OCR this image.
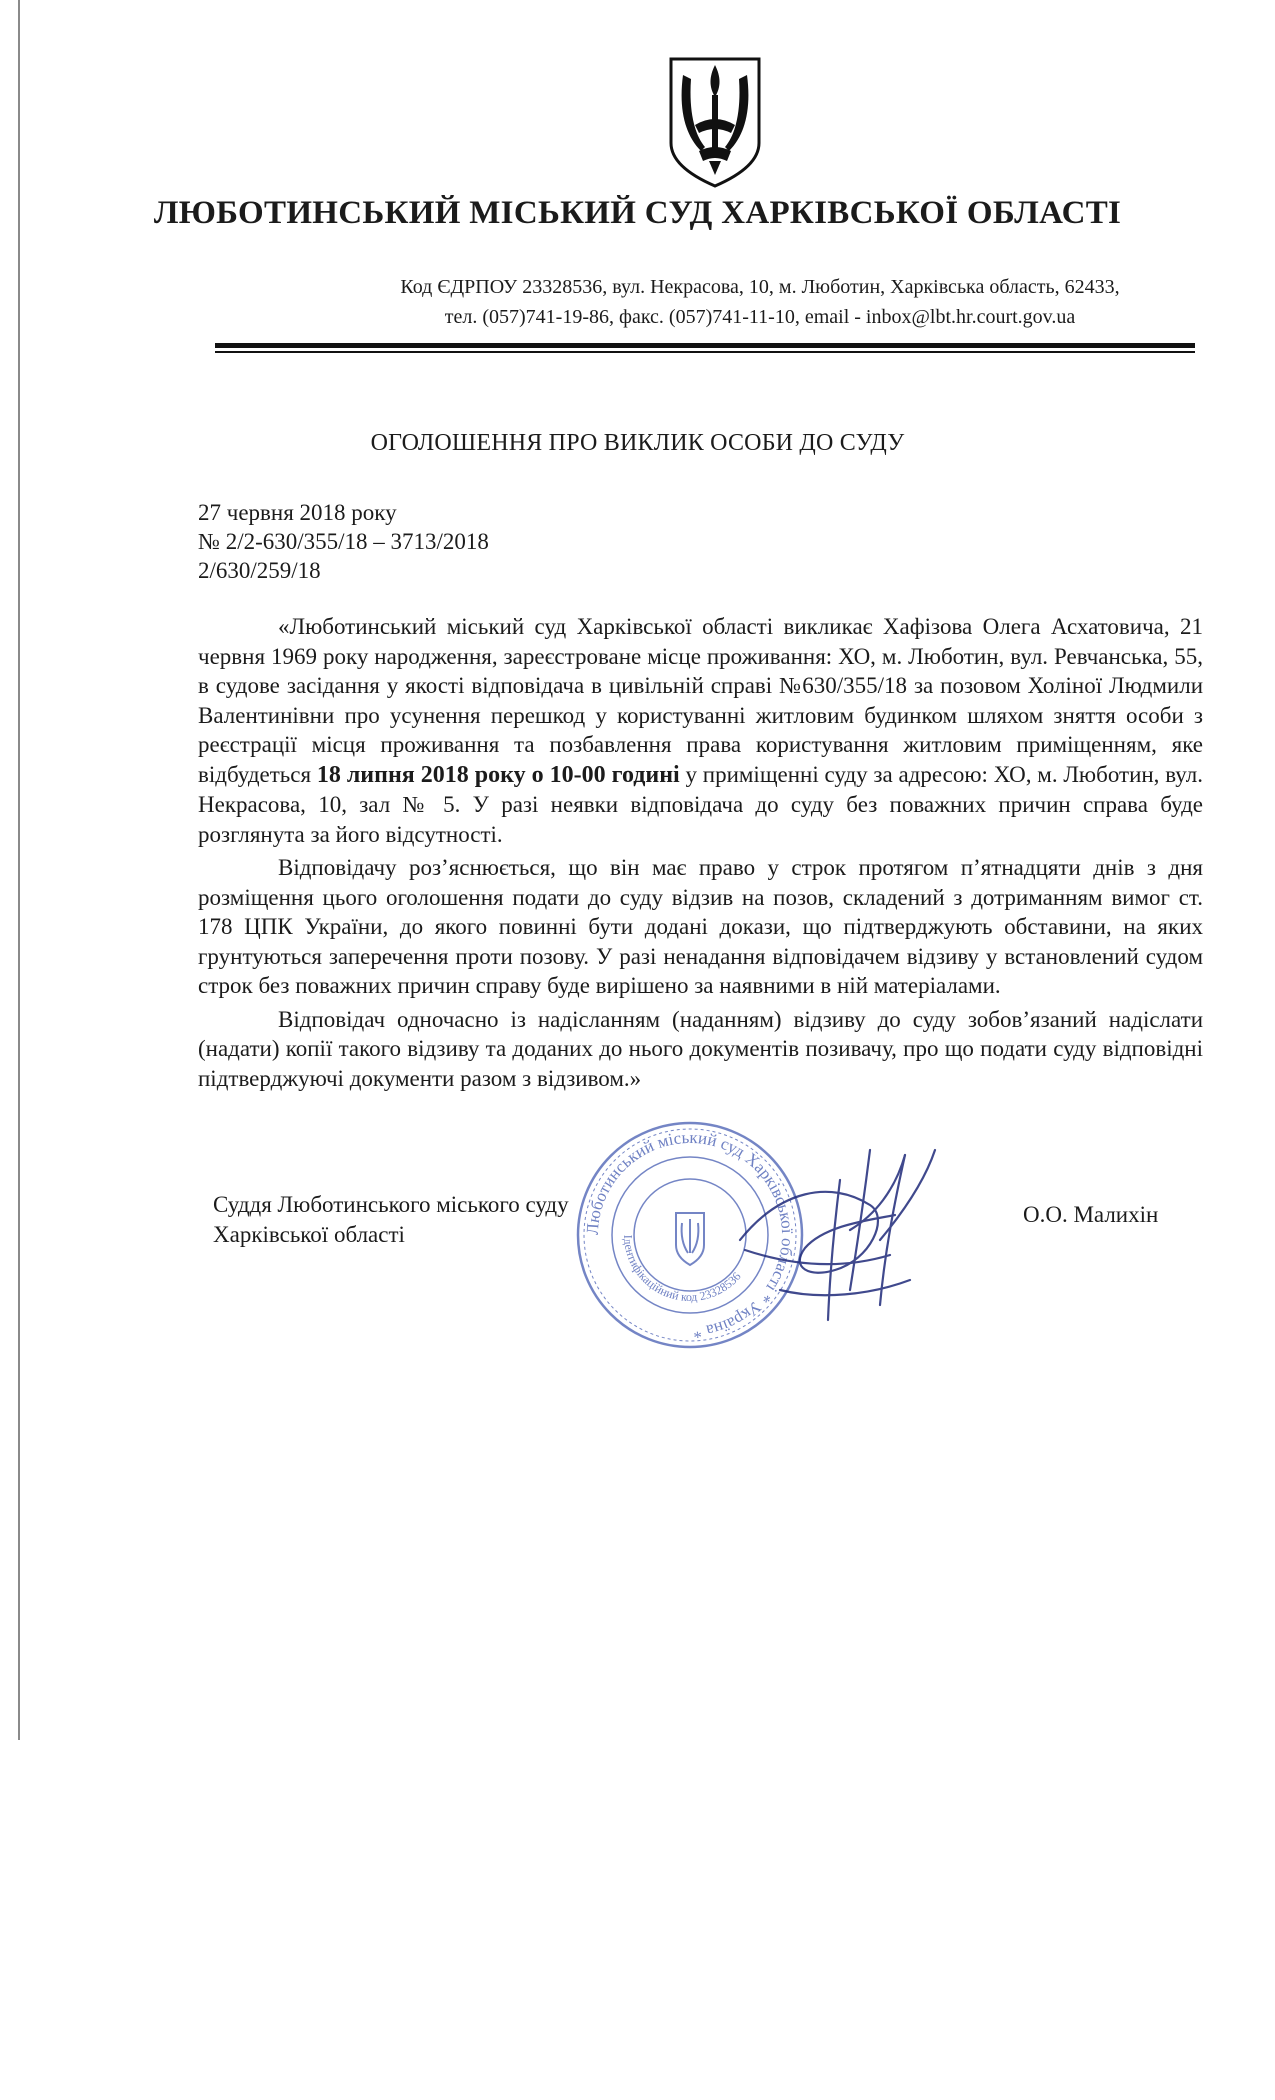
ЛЮБОТИНСЬКИЙ МІСЬКИЙ СУД ХАРКІВСЬКОЇ ОБЛАСТІ
Код ЄДРПОУ 23328536, вул. Некрасова, 10, м. Люботин, Харківська область, 62433,
тел. (057)741-19-86, факс. (057)741-11-10, email - inbox@lbt.hr.court.gov.ua
ОГОЛОШЕННЯ ПРО ВИКЛИК ОСОБИ ДО СУДУ
27 червня 2018 року
№ 2/2-630/355/18 – 3713/2018
2/630/259/18

«Люботинський міський суд Харківської області викликає Хафізова Олега Асхатовича, 21 червня 1969 року народження, зареєстроване місце проживання: ХО, м. Люботин, вул. Ревчанська, 55, в судове засідання у якості відповідача в цивільній справі №630/355/18 за позовом Холіної Людмили Валентинівни про усунення перешкод у користуванні житловим будинком шляхом зняття особи з реєстрації місця проживання та позбавлення права користування житловим приміщенням, яке відбудеться 18 липня 2018 року о 10-00 годині у приміщенні суду за адресою: ХО, м. Люботин, вул. Некрасова, 10, зал № 5. У разі неявки відповідача до суду без поважних причин справа буде розглянута за його відсутності.

Відповідачу роз’яснюється, що він має право у строк протягом п’ятнадцяти днів з дня розміщення цього оголошення подати до суду відзив на позов, складений з дотриманням вимог ст. 178 ЦПК України, до якого повинні бути додані докази, що підтверджують обставини, на яких грунтуються заперечення проти позову. У разі ненадання відповідачем відзиву у встановлений судом строк без поважних причин справу буде вирішено за наявними в ній матеріалами.

Відповідач одночасно із надісланням (наданням) відзиву до суду зобов’язаний надіслати (надати) копії такого відзиву та доданих до нього документів позивачу, про що подати суду відповідні підтверджуючі документи разом з відзивом.»

Суддя Люботинського міського суду
Харківської області
О.О. Малихін
Люботинський міський суд Харківської області * Україна *
Ідентифікаційний код 23328536
